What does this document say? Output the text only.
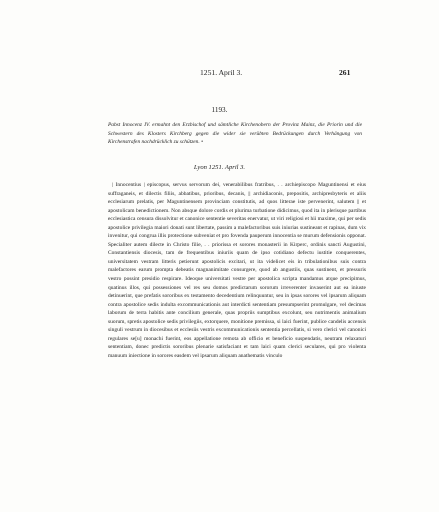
1251. April 3.	261
1193.
Pabst Innocenz IV. ermahnt den Erzbischof und sämtliche Kirchenobern der Provinz Mainz, die Priorin und die Schwestern des Klosters Kirchberg gegen die wider sie verübten Bedrückungen durch Verhängung von Kirchenstrafen nachdrücklich zu schützen. •
Lyon 1251. April 3.
| Innocentius | episcopus, servus servorum dei, venerabilibus fratribus, . . archiepiscopo Maguntinensi et eius suffraganeis, et dilectis filiis, abbatibus, prioribus, decanis, || archidiaconis, prepositis, archipresbyteris et aliis ecclesiarum prelatis, per Maguntinensem provinciam constitutis, ad quos litterae iste pervenerint, salutem || et apostolicam benedictionem. Non absque dolore cordis et plurima turbatione didicimus, quod ita in plerisque partibus ecclesiastica censura dissolvitur et canonice sententie severitas enervatur, ut viri religiosi et hii maxime, qui per sedis apostolice privilegia maiori donati sunt libertate, passim a malefactoribus suis iniurias sustineant et rapinas, dum vix invenitur, qui congrua illis protectione subveniat et pro fovenda pauperum innocentia se murum defensionis opponat. Specialiter autem dilecte in Christo filie, . . priorissa et sorores monasterii in Kirperc, ordinis sancti Augustini, Constantiensis diocesis, tam de frequentibus iniuriis quam de ipso cotidiano defectu iustitie conquerentes, universitatem vestram litteris petierunt apostolicis excitari, ut ita videlicet eis in tribulationibus suis contra malefactores earum prompta debeatis magnanimitate consurgere, quod ab angustiis, quas sustinent, et pressuris vestro possint presidio respirare. Ideoque universitati vestre per apostolica scripta mandamus atque precipimus, quatinus illos, qui possessiones vel res seu domos predictarum sororum irreverenter invaserint aut ea iniuste detinuerint, que prefatis sororibus ex testamento decedentium relinquuntur, seu in ipsas sorores vel ipsarum aliquam contra apostolice sedis indulta excommunicationis aut interdicti sententiam presumpserint promulgare, vel decimas laborum de terra habitis ante concilium generale, quas propriis sumptibus excolunt, seu nutrimentis animalium suorum, spretis apostolice sedis privilegiis, extorquere, monitione premissa, si laici fuerint, publice candelis accensis singuli vestrum in diocesibus et ecclesiis vestris excommunicationis sententia percellatis, si vero clerici vel canonici regulares se[u] monachi fuerint, eos appellatione remota ab officio et beneficio suspendatis, neutram relaxaturi sententiam, donec predictis sororibus plenarie satisfaciant et tam laici quam clerici seculares, qui pro violenta manuum iniectione in sorores easdem vel ipsarum aliquam anathematis vinculo
